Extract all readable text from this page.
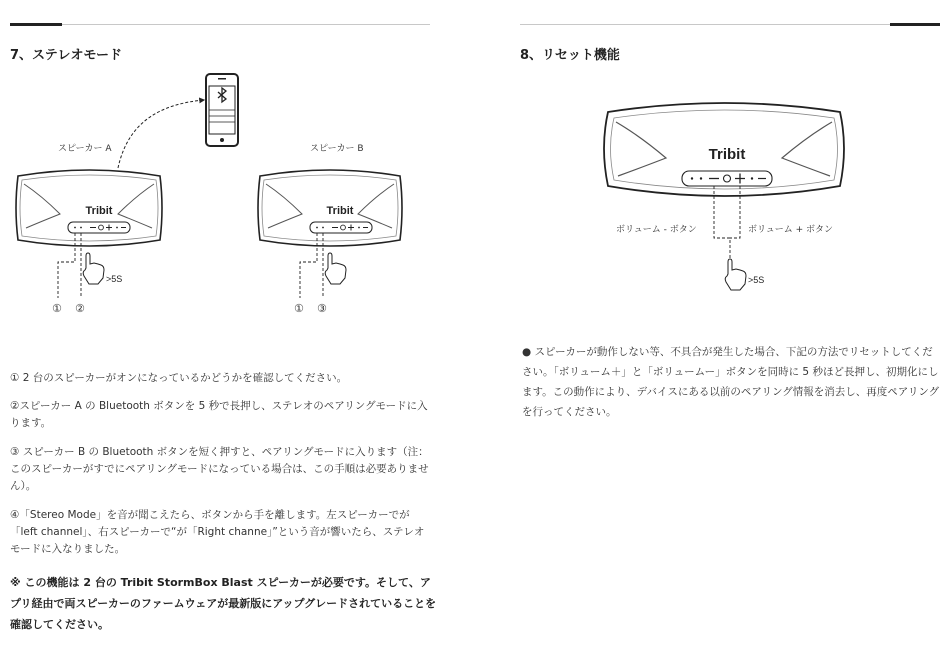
7、ステレオモード	8、リセット機能
Tribit	Tribit
>5S
Tribit
>5S
スピーカー A	スピーカー B
① ②	① ③
ボリューム - ボタン	ボリューム + ボタン

① 2 台のスピーカーがオンになっているかどうかを確認してください。

②スピーカー A の Bluetooth ボタンを 5 秒で長押し、ステレオのペアリングモードに入ります。

③ スピーカー B の Bluetooth ボタンを短く押すと、ペアリングモードに入ります（注：このスピーカーがすでにペアリングモードになっている場合は、この手順は必要ありません）。

④「Stereo Mode」を音が聞こえたら、ボタンから手を離します。左スピーカーでが「left channel」、右スピーカーで“が「Right channe」”という音が響いたら、ステレオモードに入なりました。

※ この機能は 2 台の Tribit StormBox Blast スピーカーが必要です。そして、アプリ経由で両スピーカーのファームウェアが最新版にアップグレードされていることを確認してください。

● スピーカーが動作しない等、不具合が発生した場合、下記の方法でリセットしてください。「ボリューム＋」と「ボリュームー」ボタンを同時に 5 秒ほど長押し、初期化にします。この動作により、デバイスにある以前のペアリング情報を消去し、再度ペアリングを行ってください。
